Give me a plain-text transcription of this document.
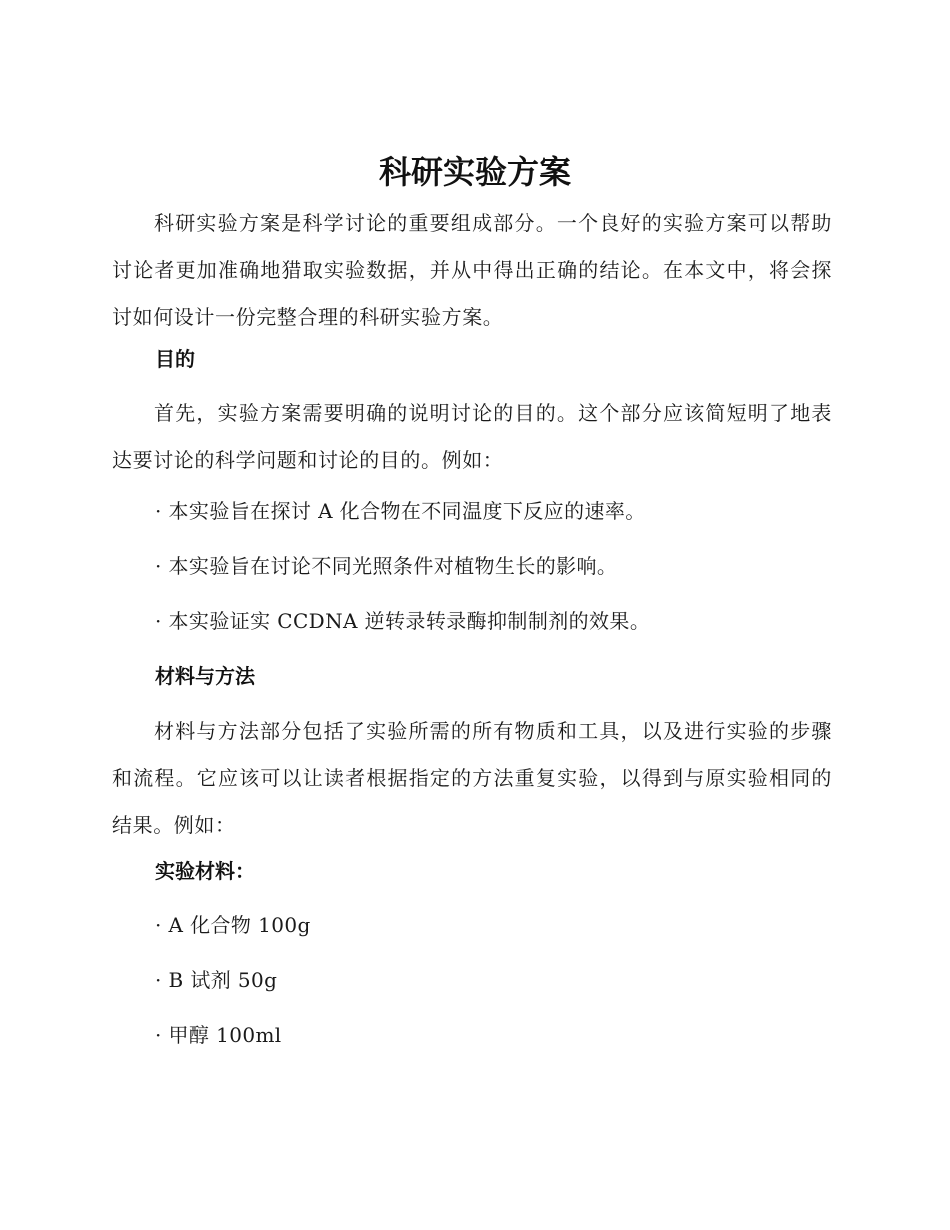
科研实验方案

科研实验方案是科学讨论的重要组成部分。一个良好的实验方案可以帮助讨论者更加准确地猎取实验数据，并从中得出正确的结论。在本文中，将会探讨如何设计一份完整合理的科研实验方案。

目的

首先，实验方案需要明确的说明讨论的目的。这个部分应该简短明了地表达要讨论的科学问题和讨论的目的。例如：

· 本实验旨在探讨 A 化合物在不同温度下反应的速率。
· 本实验旨在讨论不同光照条件对植物生长的影响。
· 本实验证实 CCDNA 逆转录转录酶抑制制剂的效果。
材料与方法

材料与方法部分包括了实验所需的所有物质和工具，以及进行实验的步骤和流程。它应该可以让读者根据指定的方法重复实验，以得到与原实验相同的结果。例如：

实验材料：
· A 化合物 100g
· B 试剂 50g
· 甲醇 100ml
